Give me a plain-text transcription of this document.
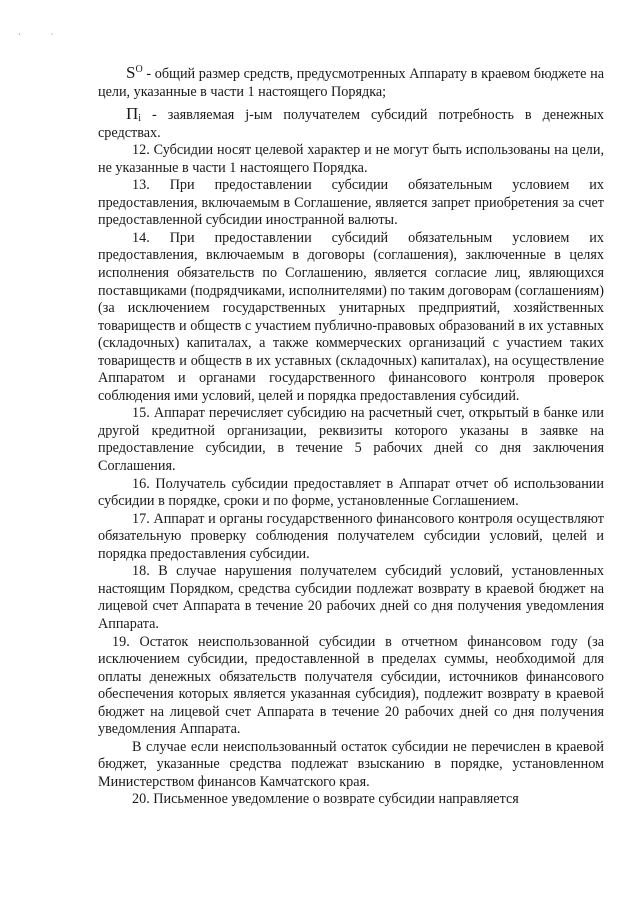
· ·

$S^O$ - общий размер средств, предусмотренных Аппарату в краевом бюджете на цели, указанные в части 1 настоящего Порядка;

$П_i$ - заявляемая j-ым получателем субсидий потребность в денежных средствах.

12. Субсидии носят целевой характер и не могут быть использованы на цели, не указанные в части 1 настоящего Порядка.

13. При предоставлении субсидии обязательным условием их предоставления, включаемым в Соглашение, является запрет приобретения за счет предоставленной субсидии иностранной валюты.

14. При предоставлении субсидий обязательным условием их предоставления, включаемым в договоры (соглашения), заключенные в целях исполнения обязательств по Соглашению, является согласие лиц, являющихся поставщиками (подрядчиками, исполнителями) по таким договорам (соглашениям) (за исключением государственных унитарных предприятий, хозяйственных товариществ и обществ с участием публично-правовых образований в их уставных (складочных) капиталах, а также коммерческих организаций с участием таких товариществ и обществ в их уставных (складочных) капиталах), на осуществление Аппаратом и органами государственного финансового контроля проверок соблюдения ими условий, целей и порядка предоставления субсидий.

15. Аппарат перечисляет субсидию на расчетный счет, открытый в банке или другой кредитной организации, реквизиты которого указаны в заявке на предоставление субсидии, в течение 5 рабочих дней со дня заключения Соглашения.

16. Получатель субсидии предоставляет в Аппарат отчет об использовании субсидии в порядке, сроки и по форме, установленные Соглашением.

17. Аппарат и органы государственного финансового контроля осуществляют обязательную проверку соблюдения получателем субсидии условий, целей и порядка предоставления субсидии.

18. В случае нарушения получателем субсидий условий, установленных настоящим Порядком, средства субсидии подлежат возврату в краевой бюджет на лицевой счет Аппарата в течение 20 рабочих дней со дня получения уведомления Аппарата.

19. Остаток неиспользованной субсидии в отчетном финансовом году (за исключением субсидии, предоставленной в пределах суммы, необходимой для оплаты денежных обязательств получателя субсидии, источников финансового обеспечения которых является указанная субсидия), подлежит возврату в краевой бюджет на лицевой счет Аппарата в течение 20 рабочих дней со дня получения уведомления Аппарата.

В случае если неиспользованный остаток субсидии не перечислен в краевой бюджет, указанные средства подлежат взысканию в порядке, установленном Министерством финансов Камчатского края.

20. Письменное уведомление о возврате субсидии направляется
